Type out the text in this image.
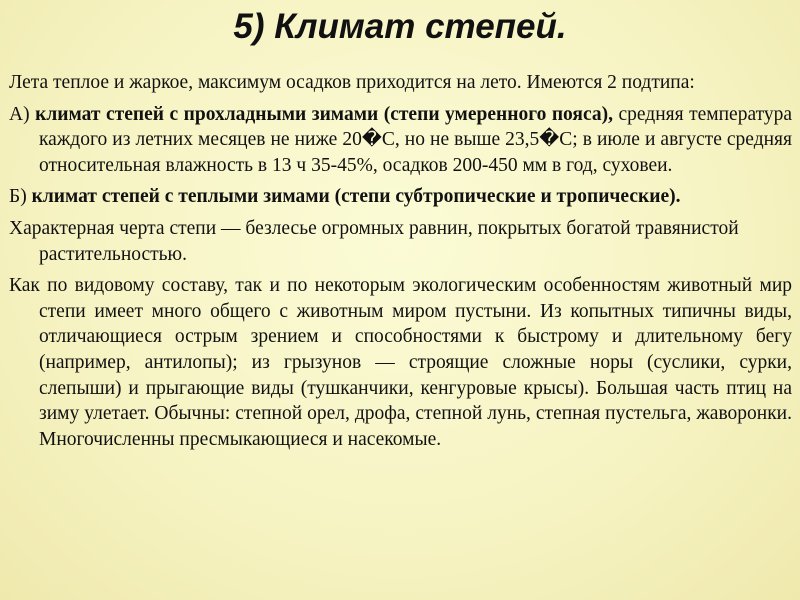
5) Климат степей.

Лета теплое и жаркое, максимум осадков приходится на лето. Имеются 2 подтипа:

А) климат степей с прохладными зимами (степи умеренного пояса), средняя температура каждого из летних месяцев не ниже 20�С, но не выше 23,5�С; в июле и августе средняя относительная влажность в 13 ч 35-45%, осадков 200-450 мм в год, суховеи.

Б) климат степей с теплыми зимами (степи субтропические и тропические).

Характерная черта степи — безлесье огромных равнин, покрытых богатой травянистой растительностью.

Как по видовому составу, так и по некоторым экологическим особенностям животный мир степи имеет много общего с животным миром пустыни. Из копытных типичны виды, отличающиеся острым зрением и способностями к быстрому и длительному бегу (например, антилопы); из грызунов — строящие сложные норы (суслики, сурки, слепыши) и прыгающие виды (тушканчики, кенгуровые крысы). Большая часть птиц на зиму улетает. Обычны: степной орел, дрофа, степной лунь, степная пустельга, жаворонки. Многочисленны пресмыкающиеся и насекомые.
